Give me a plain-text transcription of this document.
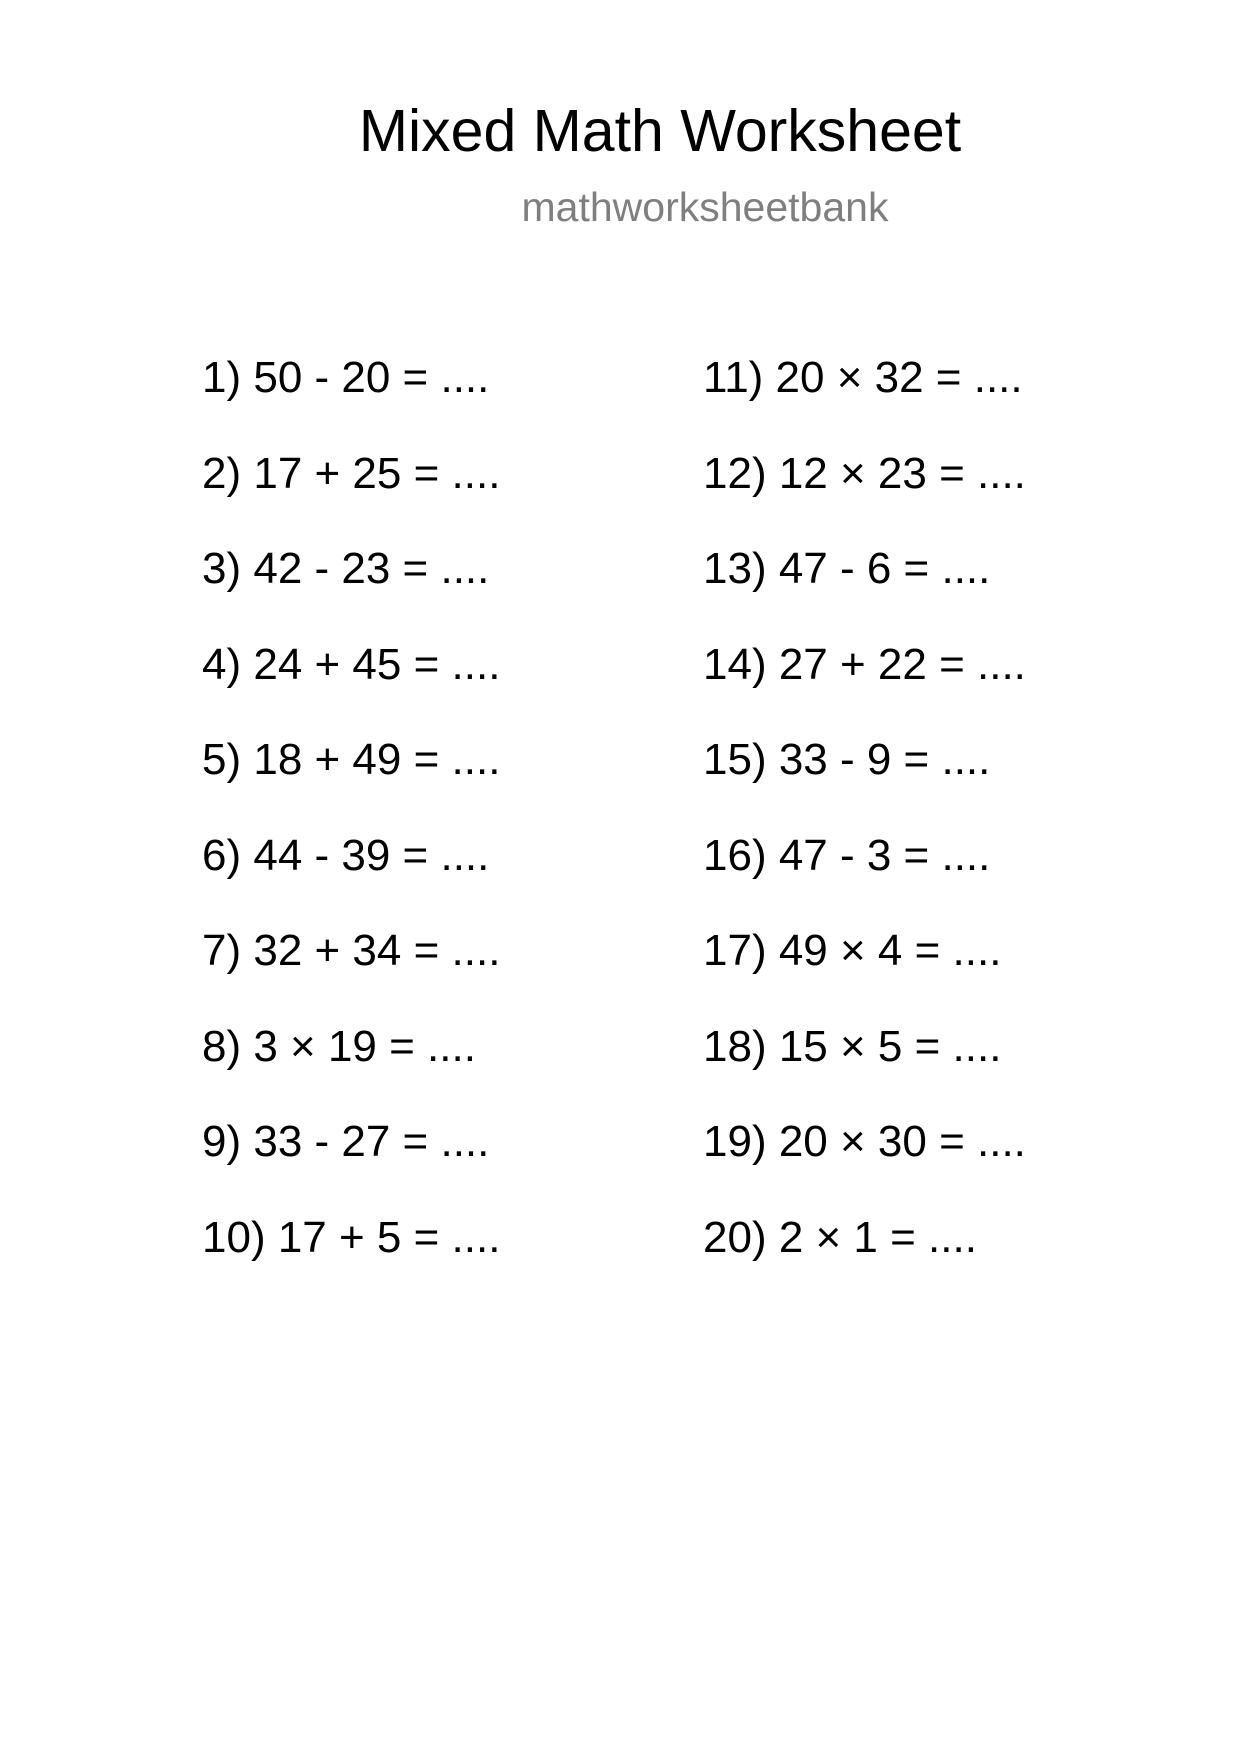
Mixed Math Worksheet
mathworksheetbank
1) 50 - 20 = ....
2) 17 + 25 = ....
3) 42 - 23 = ....
4) 24 + 45 = ....
5) 18 + 49 = ....
6) 44 - 39 = ....
7) 32 + 34 = ....
8) 3 × 19 = ....
9) 33 - 27 = ....
10) 17 + 5 = ....
11) 20 × 32 = ....
12) 12 × 23 = ....
13) 47 - 6 = ....
14) 27 + 22 = ....
15) 33 - 9 = ....
16) 47 - 3 = ....
17) 49 × 4 = ....
18) 15 × 5 = ....
19) 20 × 30 = ....
20) 2 × 1 = ....
